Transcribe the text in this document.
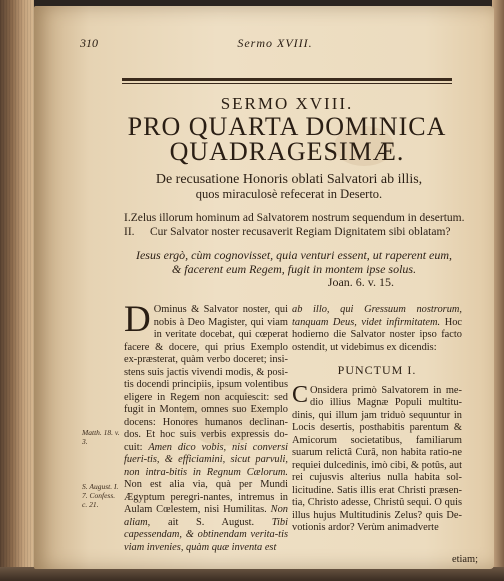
310	Sermo XVIII.
SERMO XVIII.
PRO QUARTA DOMINICA
QUADRAGESIMÆ.
De recusatione Honoris oblati Salvatori ab illis,
quos miraculosè refecerat in Deserto.
I. Zelus illorum hominum ad Salvatorem nostrum sequendum in desertum.
II.	Cur Salvator noster recusaverit Regiam Dignitatem sibi oblatam?
Iesus ergò, cùm cognovisset, quia venturi essent, ut raperent eum, & facerent eum Regem, fugit in montem ipse solus.
Joan. 6. v. 15.
D Ominus & Salvator noster, qui nobis à Deo Magister, qui viam in veritate docebat, qui cœperat facere & docere, qui prius Exemplo ex-præsterat, quàm verbo doceret; insi-stens suis jactis vivendi modis, & posi-tis docendi principiis, ipsum volentibus eligere in Regem non acquiescit: sed fugit in Montem, omnes suo Exemplo docens: Honores humanos declinan-dos. Et hoc suis verbis expressis do-cuit: Amen dico vobis, nisi conversi fueri-tis, & efficiamini, sicut parvuli, non intra-bitis in Regnum Cælorum. Non est alia via, quà per Mundi Ægyptum peregri-nantes, intremus in Aulam Cœlestem, nisi Humilitas. Non aliam, ait S. August. Tibi capessendam, & obtinendam verita-tis viam invenies, quàm quæ inventa est
ab illo, qui Gressuum nostrorum, tanquam Deus, videt infirmitatem. Hoc hodierno die Salvator noster ipso facto ostendit, ut videbimus ex dicendis:
PUNCTUM I.
C Onsidera primò Salvatorem in me-dio illius Magnæ Populi multitu-dinis, qui illum jam triduò sequuntur in Locis desertis, posthabitis parentum & Amicorum societatibus, familiarum suarum relictâ Curâ, non habita ratio-ne requiei dulcedinis, imò cibi, & potûs, aut rei cujusvis alterius nulla habita sol-licitudine. Satis illis erat Christi præsen-tia, Christo adesse, Christû sequi. O quis illus hujus Multitudinis Zelus? quis De-votionis ardor? Verùm animadverte
Matth. 18. v. 3.
S. August. I. 7. Confess. c. 21.
etiam;
